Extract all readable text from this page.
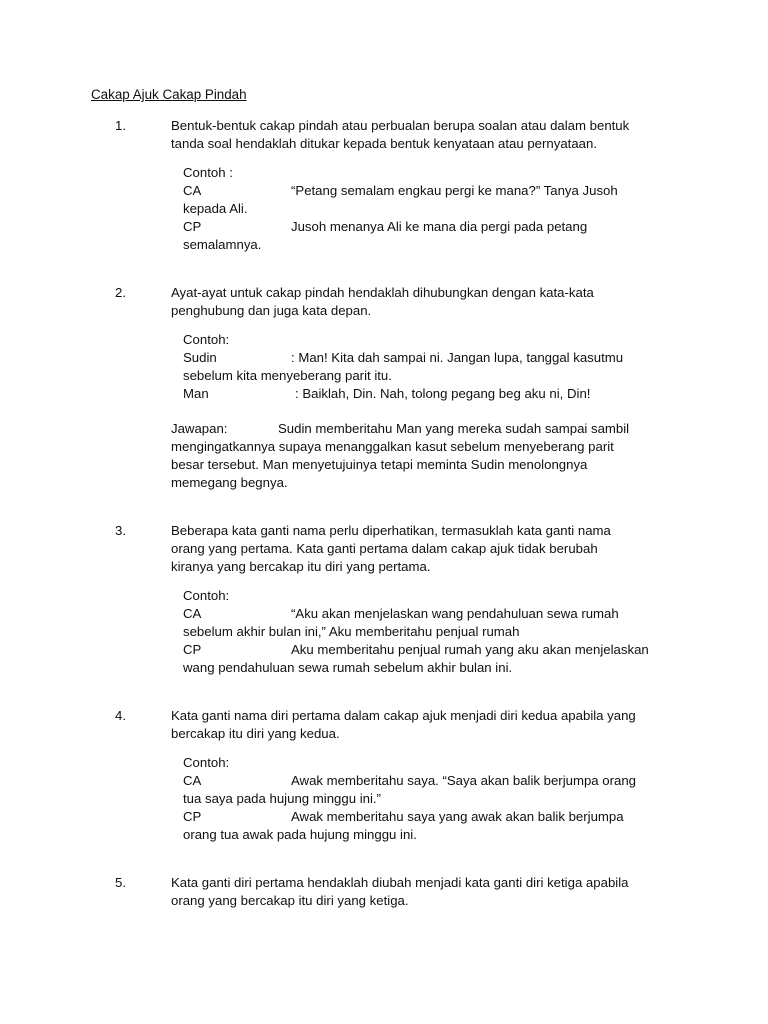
Cakap Ajuk Cakap Pindah
1.	Bentuk-bentuk cakap pindah atau perbualan berupa soalan atau dalam bentuk
tanda soal hendaklah ditukar kepada bentuk kenyataan atau pernyataan.
Contoh :
CA	“Petang semalam engkau pergi ke mana?” Tanya Jusoh
kepada Ali.
CP	Jusoh menanya Ali ke mana dia pergi pada petang
semalamnya.
2.	Ayat-ayat untuk cakap pindah hendaklah dihubungkan dengan kata-kata
penghubung dan juga kata depan.
Contoh:
Sudin	: Man! Kita dah sampai ni. Jangan lupa, tanggal kasutmu
sebelum kita menyeberang parit itu.
Man	: Baiklah, Din. Nah, tolong pegang beg aku ni, Din!
Jawapan:	Sudin memberitahu Man yang mereka sudah sampai sambil
mengingatkannya supaya menanggalkan kasut sebelum menyeberang parit
besar tersebut. Man menyetujuinya tetapi meminta Sudin menolongnya
memegang begnya.
3.	Beberapa kata ganti nama perlu diperhatikan, termasuklah kata ganti nama
orang yang pertama. Kata ganti pertama dalam cakap ajuk tidak berubah
kiranya yang bercakap itu diri yang pertama.
Contoh:
CA	“Aku akan menjelaskan wang pendahuluan sewa rumah
sebelum akhir bulan ini,” Aku memberitahu penjual rumah
CP	Aku memberitahu penjual rumah yang aku akan menjelaskan
wang pendahuluan sewa rumah sebelum akhir bulan ini.
4.	Kata ganti nama diri pertama dalam cakap ajuk menjadi diri kedua apabila yang
bercakap itu diri yang kedua.
Contoh:
CA	Awak memberitahu saya. “Saya akan balik berjumpa orang
tua saya pada hujung minggu ini.”
CP	Awak memberitahu saya yang awak akan balik berjumpa
orang tua awak pada hujung minggu ini.
5.	Kata ganti diri pertama hendaklah diubah menjadi kata ganti diri ketiga apabila
orang yang bercakap itu diri yang ketiga.
